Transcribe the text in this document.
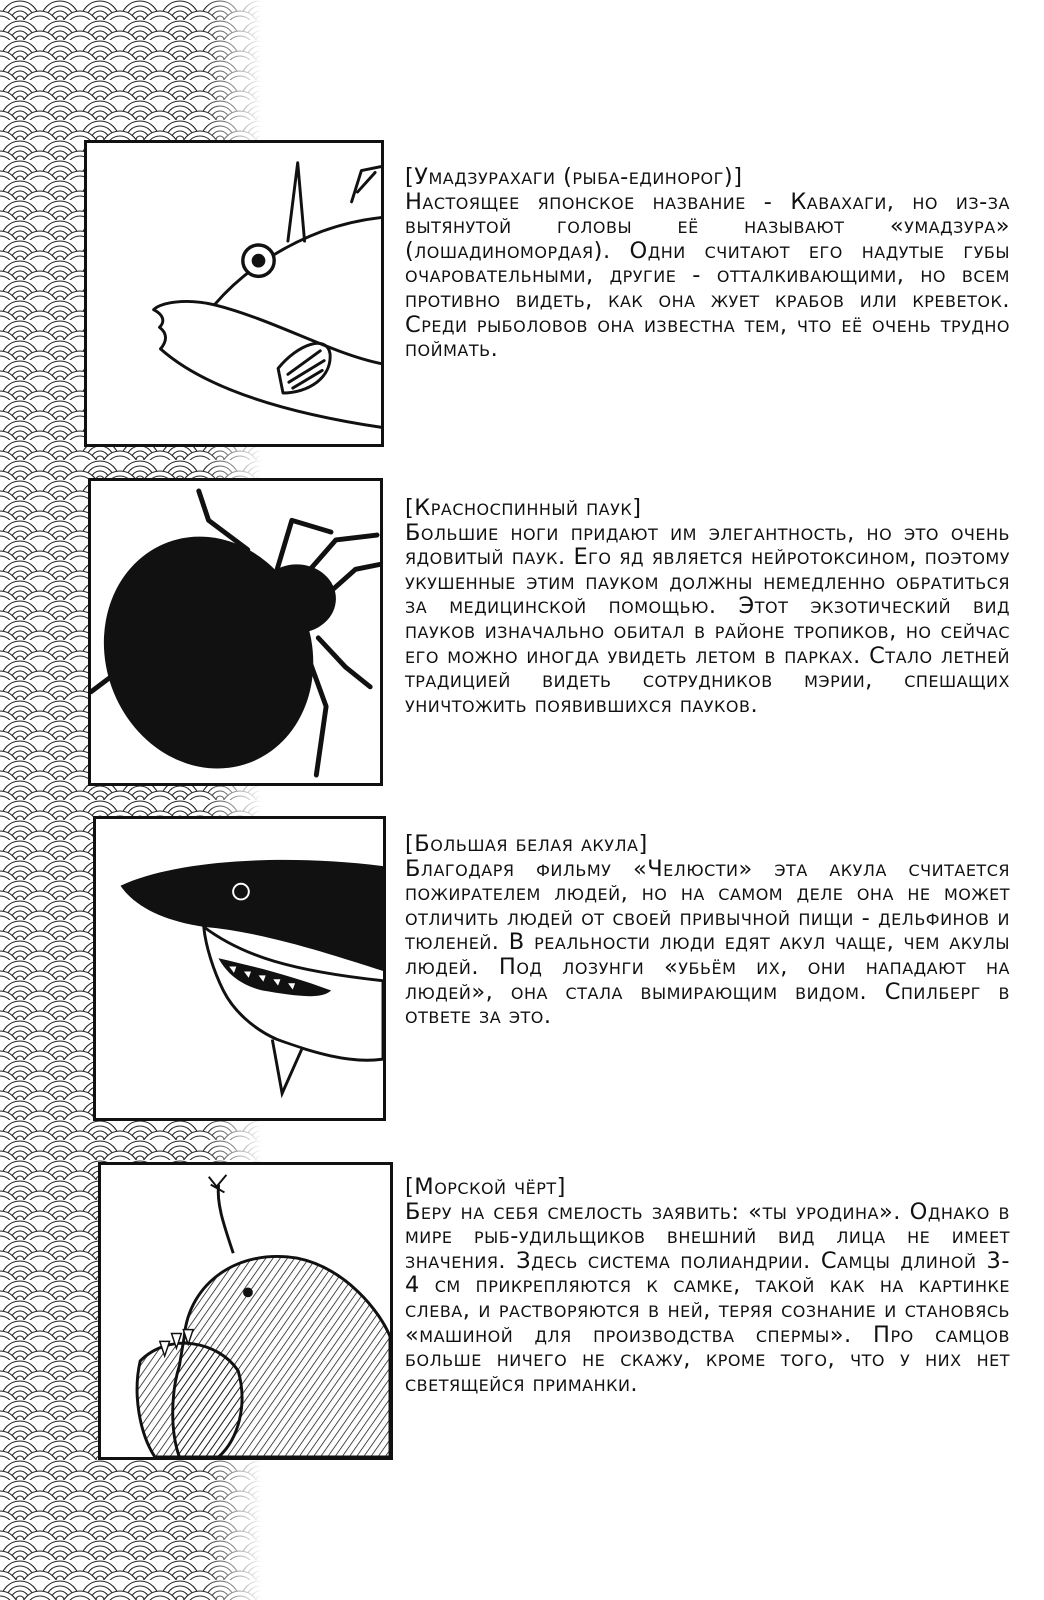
[Умадзурахаги (рыба-единорог)]
Настоящее японское название - Кавахаги, но из-за вытянутой головы её называют «умадзура» (лошадиномордая). Одни считают его надутые губы очаровательными, другие - отталкивающими, но всем противно видеть, как она жует крабов или креветок. Среди рыболовов она известна тем, что её очень трудно поймать.
[Красноспинный паук]
Большие ноги придают им элегантность, но это очень ядовитый паук. Его яд является нейротоксином, поэтому укушенные этим пауком должны немедленно обратиться за медицинской помощью. Этот экзотический вид пауков изначально обитал в районе тропиков, но сейчас его можно иногда увидеть летом в парках. Стало летней традицией видеть сотрудников мэрии, спешащих уничтожить появившихся пауков.
[Большая белая акула]
Благодаря фильму «Челюсти» эта акула считается пожирателем людей, но на самом деле она не может отличить людей от своей привычной пищи - дельфинов и тюленей. В реальности люди едят акул чаще, чем акулы людей. Под лозунги «убьём их, они нападают на людей», она стала вымирающим видом. Спилберг в ответе за это.
[Морской чёрт]
Беру на себя смелость заявить: «ты уродина». Однако в мире рыб-удильщиков внешний вид лица не имеет значения. Здесь система полиандрии. Самцы длиной 3-4 см прикрепляются к самке, такой как на картинке слева, и растворяются в ней, теряя сознание и становясь «машиной для производства спермы». Про самцов больше ничего не скажу, кроме того, что у них нет светящейся приманки.
